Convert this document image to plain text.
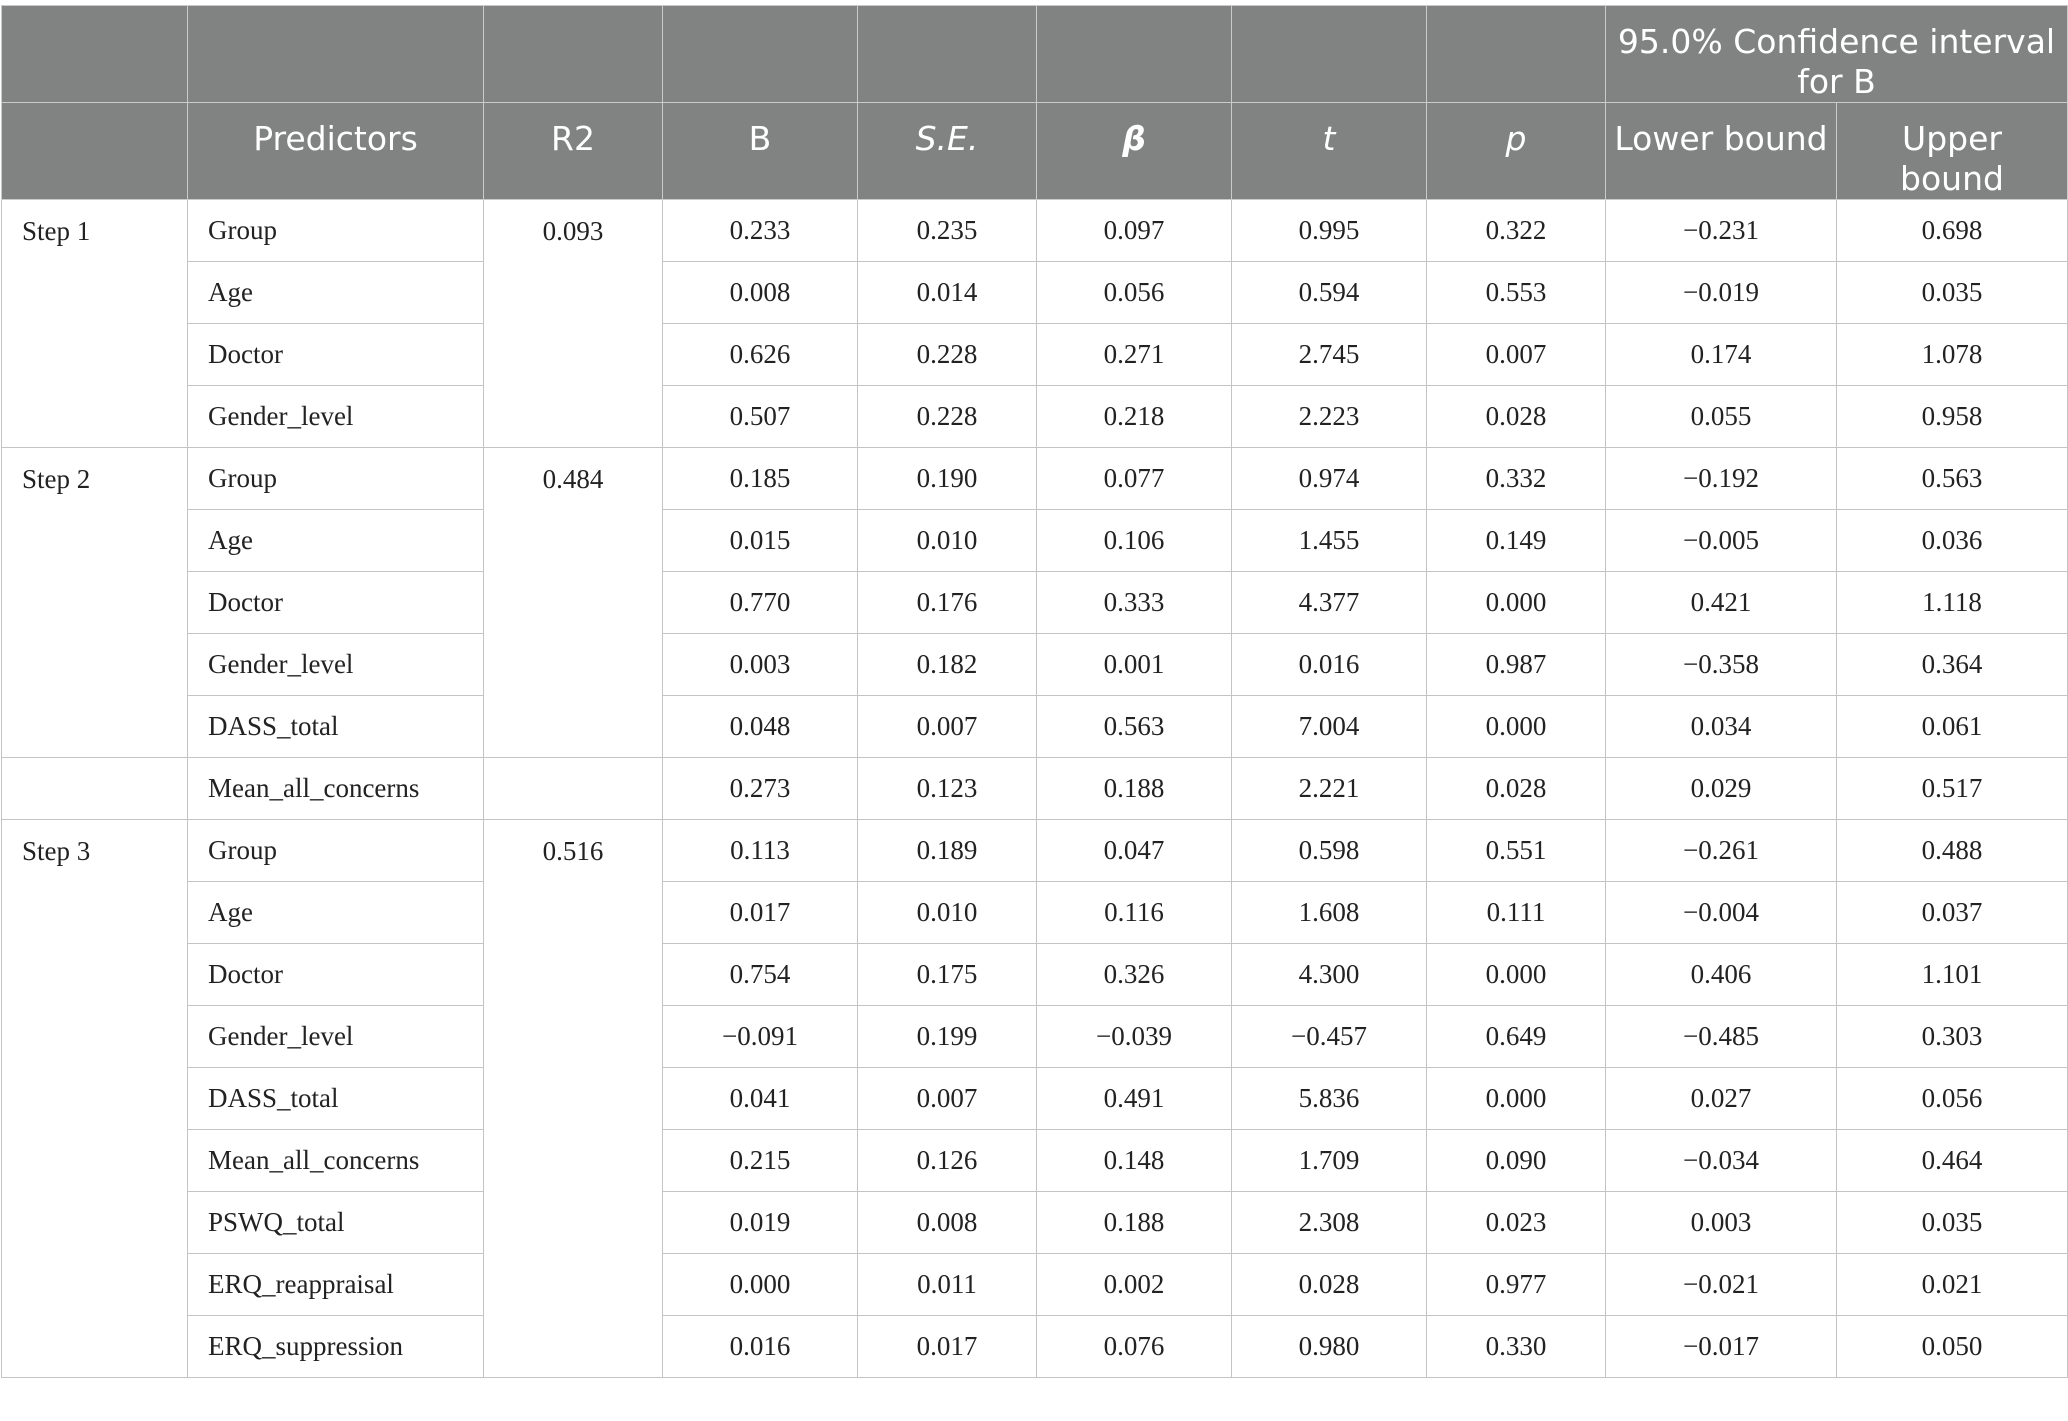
								95.0% Confidence interval for B	
	Predictors	R2	B	S.E.	β	t	p	Lower bound	Upper bound
Step 1	Group	0.093	0.233	0.235	0.097	0.995	0.322	−0.231	0.698
	Age		0.008	0.014	0.056	0.594	0.553	−0.019	0.035
	Doctor		0.626	0.228	0.271	2.745	0.007	0.174	1.078
	Gender_level		0.507	0.228	0.218	2.223	0.028	0.055	0.958
Step 2	Group	0.484	0.185	0.190	0.077	0.974	0.332	−0.192	0.563
	Age		0.015	0.010	0.106	1.455	0.149	−0.005	0.036
	Doctor		0.770	0.176	0.333	4.377	0.000	0.421	1.118
	Gender_level		0.003	0.182	0.001	0.016	0.987	−0.358	0.364
	DASS_total		0.048	0.007	0.563	7.004	0.000	0.034	0.061
	Mean_all_concerns		0.273	0.123	0.188	2.221	0.028	0.029	0.517
Step 3	Group	0.516	0.113	0.189	0.047	0.598	0.551	−0.261	0.488
	Age		0.017	0.010	0.116	1.608	0.111	−0.004	0.037
	Doctor		0.754	0.175	0.326	4.300	0.000	0.406	1.101
	Gender_level		−0.091	0.199	−0.039	−0.457	0.649	−0.485	0.303
	DASS_total		0.041	0.007	0.491	5.836	0.000	0.027	0.056
	Mean_all_concerns		0.215	0.126	0.148	1.709	0.090	−0.034	0.464
	PSWQ_total		0.019	0.008	0.188	2.308	0.023	0.003	0.035
	ERQ_reappraisal		0.000	0.011	0.002	0.028	0.977	−0.021	0.021
	ERQ_suppression		0.016	0.017	0.076	0.980	0.330	−0.017	0.050
